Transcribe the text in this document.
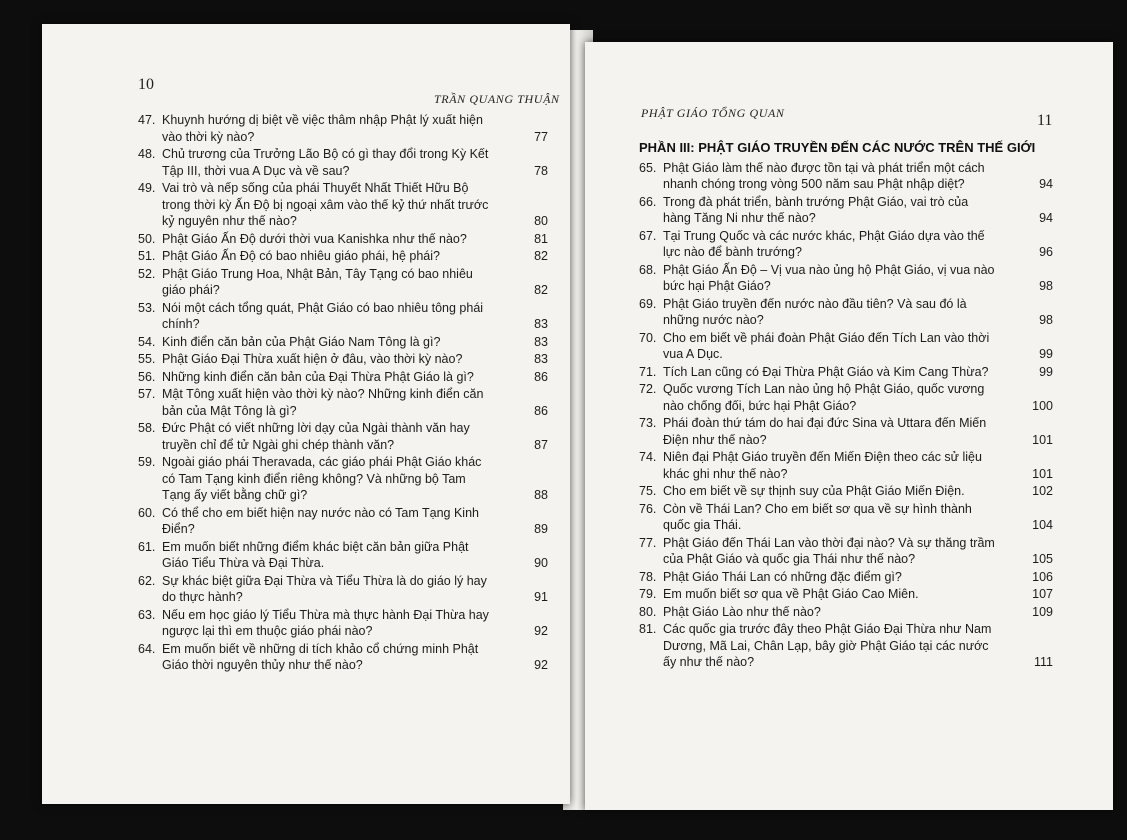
10
TRẦN QUANG THUẬN
47. Khuynh hướng dị biệt về việc thâm nhập Phật lý xuất hiện vào thời kỳ nào?	77
48. Chủ trương của Trưởng Lão Bộ có gì thay đổi trong Kỳ Kết Tập III, thời vua A Dục và về sau?	78
49. Vai trò và nếp sống của phái Thuyết Nhất Thiết Hữu Bộ trong thời kỳ Ấn Độ bị ngoại xâm vào thế kỷ thứ nhất trước kỷ nguyên như thế nào?	80
50. Phật Giáo Ấn Độ dưới thời vua Kanishka như thế nào?	81
51. Phật Giáo Ấn Độ có bao nhiêu giáo phái, hệ phái?	82
52. Phật Giáo Trung Hoa, Nhật Bản, Tây Tạng có bao nhiêu giáo phái?	82
53. Nói một cách tổng quát, Phật Giáo có bao nhiêu tông phái chính?	83
54. Kinh điển căn bản của Phật Giáo Nam Tông là gì?	83
55. Phật Giáo Đại Thừa xuất hiện ở đâu, vào thời kỳ nào?	83
56. Những kinh điển căn bản của Đại Thừa Phật Giáo là gì?	86
57. Mật Tông xuất hiện vào thời kỳ nào? Những kinh điển căn bản của Mật Tông là gì?	86
58. Đức Phật có viết những lời dạy của Ngài thành văn hay truyền chỉ để tử Ngài ghi chép thành văn?	87
59. Ngoài giáo phái Theravada, các giáo phái Phật Giáo khác có Tam Tạng kinh điển riêng không? Và những bộ Tam Tạng ấy viết bằng chữ gì?	88
60. Có thể cho em biết hiện nay nước nào có Tam Tạng Kinh Điển?	89
61. Em muốn biết những điểm khác biệt căn bản giữa Phật Giáo Tiểu Thừa và Đại Thừa.	90
62. Sự khác biệt giữa Đại Thừa và Tiểu Thừa là do giáo lý hay do thực hành?	91
63. Nếu em học giáo lý Tiểu Thừa mà thực hành Đại Thừa hay ngược lại thì em thuộc giáo phái nào?	92
64. Em muốn biết về những di tích khảo cổ chứng minh Phật Giáo thời nguyên thủy như thế nào?	92
PHẬT GIÁO TỔNG QUAN	11
PHẦN III: PHẬT GIÁO TRUYỀN ĐẾN CÁC NƯỚC TRÊN THẾ GIỚI
65. Phật Giáo làm thế nào được tồn tại và phát triển một cách nhanh chóng trong vòng 500 năm sau Phật nhập diệt?	94
66. Trong đà phát triển, bành trướng Phật Giáo, vai trò của hàng Tăng Ni như thế nào?	94
67. Tại Trung Quốc và các nước khác, Phật Giáo dựa vào thế lực nào để bành trướng?	96
68. Phật Giáo Ấn Độ – Vị vua nào ủng hộ Phật Giáo, vị vua nào bức hại Phật Giáo?	98
69. Phật Giáo truyền đến nước nào đầu tiên? Và sau đó là những nước nào?	98
70. Cho em biết về phái đoàn Phật Giáo đến Tích Lan vào thời vua A Dục.	99
71. Tích Lan cũng có Đại Thừa Phật Giáo và Kim Cang Thừa?	99
72. Quốc vương Tích Lan nào ủng hộ Phật Giáo, quốc vương nào chống đối, bức hại Phật Giáo?	100
73. Phái đoàn thứ tám do hai đại đức Sina và Uttara đến Miến Điện như thế nào?	101
74. Niên đại Phật Giáo truyền đến Miến Điện theo các sử liệu khác ghi như thế nào?	101
75. Cho em biết về sự thịnh suy của Phật Giáo Miến Điện.	102
76. Còn về Thái Lan? Cho em biết sơ qua về sự hình thành quốc gia Thái.	104
77. Phật Giáo đến Thái Lan vào thời đại nào? Và sự thăng trầm của Phật Giáo và quốc gia Thái như thế nào?	105
78. Phật Giáo Thái Lan có những đặc điểm gì?	106
79. Em muốn biết sơ qua về Phật Giáo Cao Miên.	107
80. Phật Giáo Lào như thế nào?	109
81. Các quốc gia trước đây theo Phật Giáo Đại Thừa như Nam Dương, Mã Lai, Chân Lạp, bây giờ Phật Giáo tại các nước ấy như thế nào?	111
